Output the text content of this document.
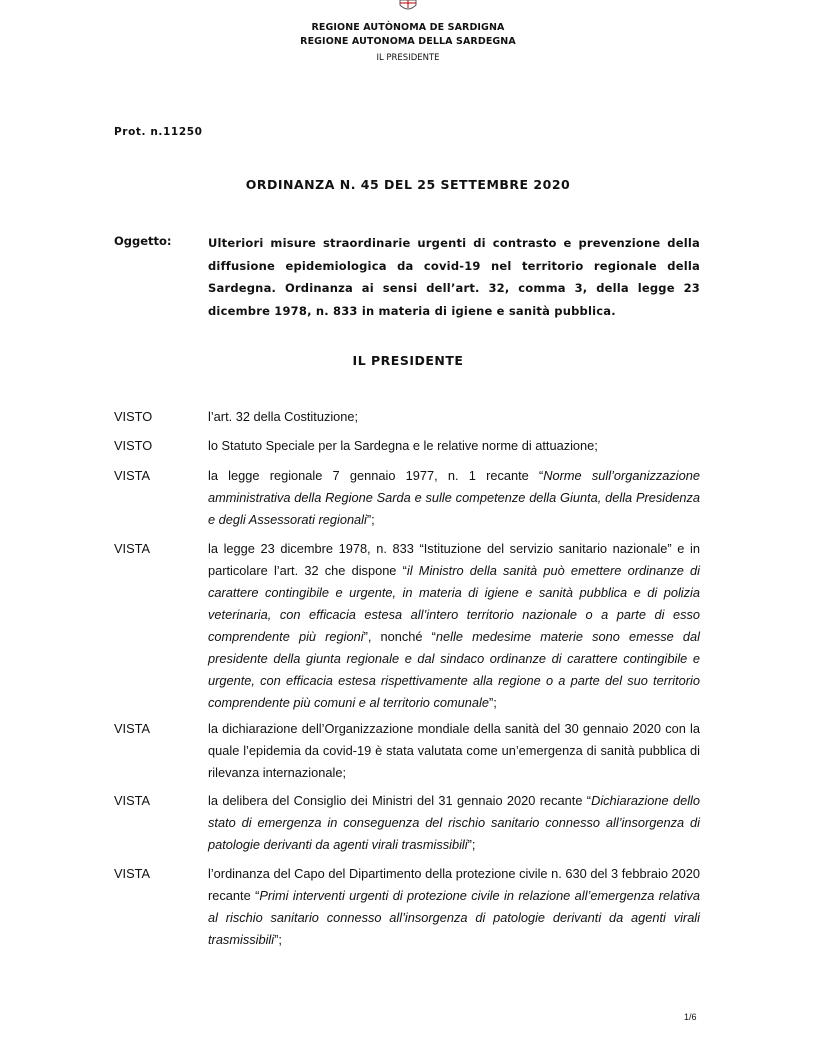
REGIONE AUTÒNOMA DE SARDIGNA
REGIONE AUTONOMA DELLA SARDEGNA
IL PRESIDENTE
Prot. n.11250
ORDINANZA N. 45 DEL 25 SETTEMBRE 2020
Oggetto:	Ulteriori misure straordinarie urgenti di contrasto e prevenzione della diffusione epidemiologica da covid-19 nel territorio regionale della Sardegna. Ordinanza ai sensi dell’art. 32, comma 3, della legge 23 dicembre 1978, n. 833 in materia di igiene e sanità pubblica.
IL PRESIDENTE
VISTO	l’art. 32 della Costituzione;
VISTO	lo Statuto Speciale per la Sardegna e le relative norme di attuazione;
VISTA	la legge regionale 7 gennaio 1977, n. 1 recante “Norme sull’organizzazione amministrativa della Regione Sarda e sulle competenze della Giunta, della Presidenza e degli Assessorati regionali”;
VISTA	la legge 23 dicembre 1978, n. 833 “Istituzione del servizio sanitario nazionale” e in particolare l’art. 32 che dispone “il Ministro della sanità può emettere ordinanze di carattere contingibile e urgente, in materia di igiene e sanità pubblica e di polizia veterinaria, con efficacia estesa all’intero territorio nazionale o a parte di esso comprendente più regioni”, nonché “nelle medesime materie sono emesse dal presidente della giunta regionale e dal sindaco ordinanze di carattere contingibile e urgente, con efficacia estesa rispettivamente alla regione o a parte del suo territorio comprendente più comuni e al territorio comunale”;
VISTA	la dichiarazione dell’Organizzazione mondiale della sanità del 30 gennaio 2020 con la quale l’epidemia da covid-19 è stata valutata come un’emergenza di sanità pubblica di rilevanza internazionale;
VISTA	la delibera del Consiglio dei Ministri del 31 gennaio 2020 recante “Dichiarazione dello stato di emergenza in conseguenza del rischio sanitario connesso all’insorgenza di patologie derivanti da agenti virali trasmissibili”;
VISTA	l’ordinanza del Capo del Dipartimento della protezione civile n. 630 del 3 febbraio 2020 recante “Primi interventi urgenti di protezione civile in relazione all’emergenza relativa al rischio sanitario connesso all’insorgenza di patologie derivanti da agenti virali trasmissibili”;
1/6
